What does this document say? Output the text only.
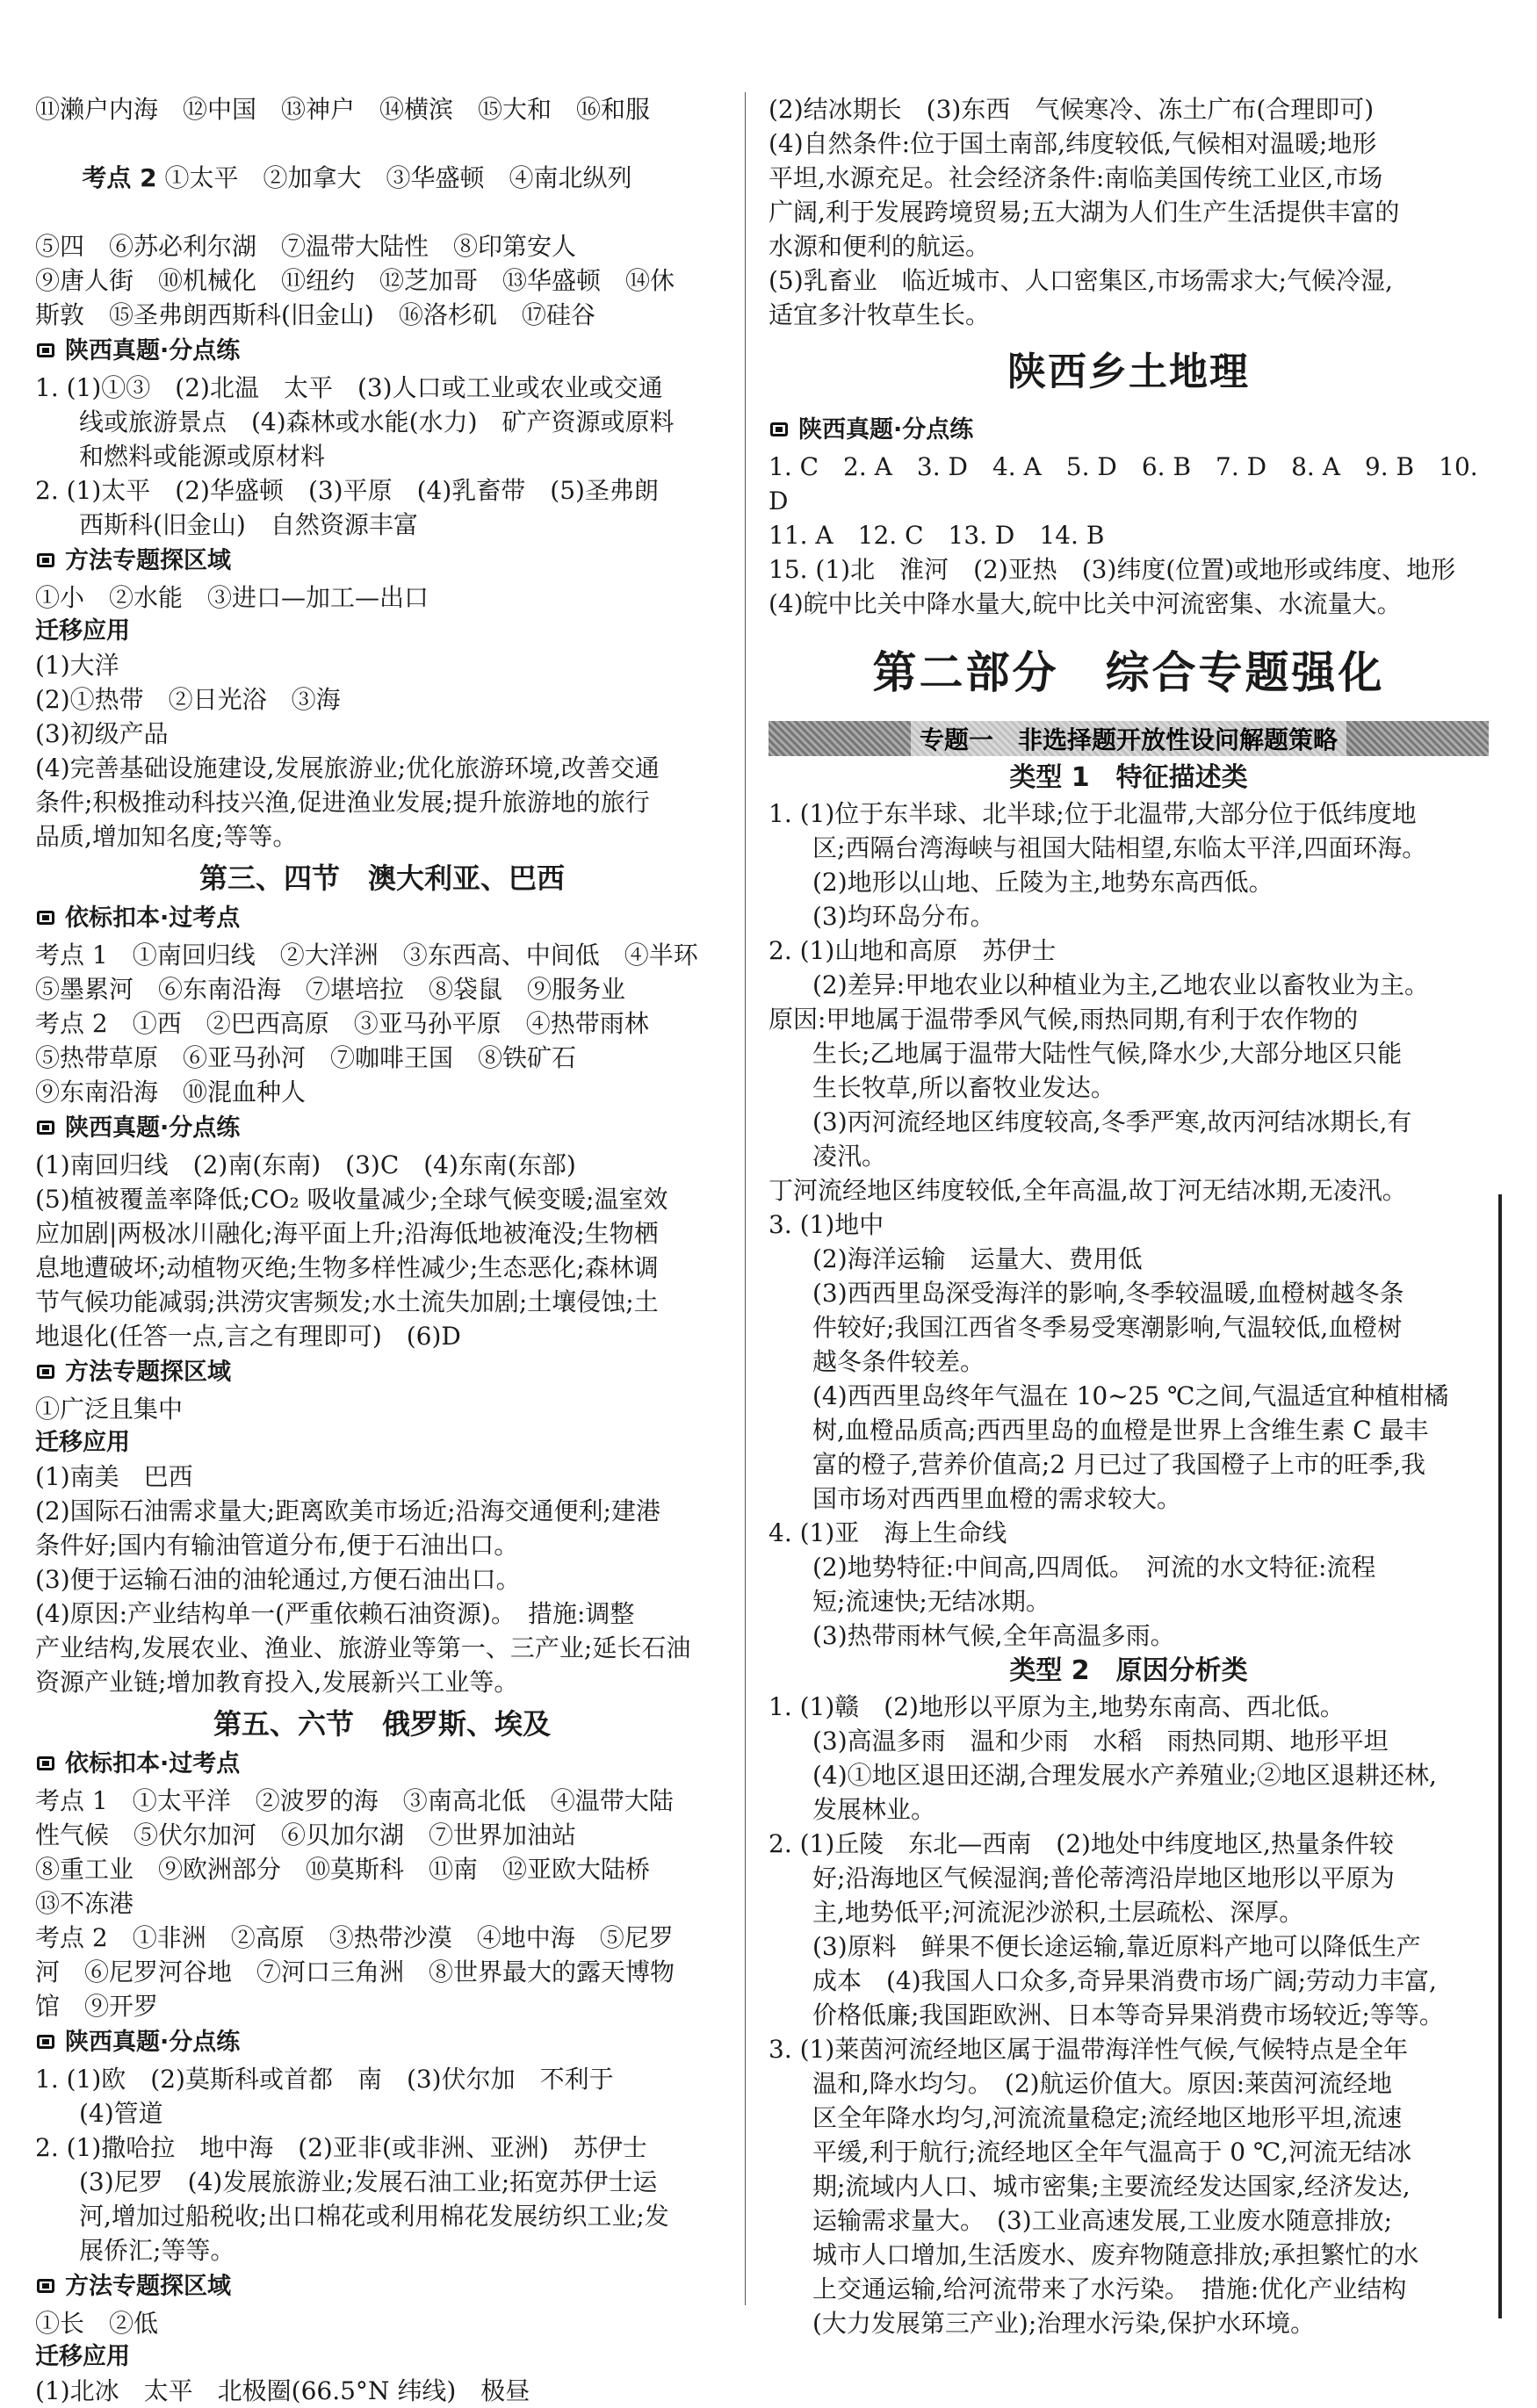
⑪濑户内海　⑫中国　⑬神户　⑭横滨　⑮大和　⑯和服

考点 2 ①太平　②加拿大　③华盛顿　④南北纵列

⑤四　⑥苏必利尔湖　⑦温带大陆性　⑧印第安人
⑨唐人街　⑩机械化　⑪纽约　⑫芝加哥　⑬华盛顿　⑭休
斯敦　⑮圣弗朗西斯科(旧金山)　⑯洛杉矶　⑰硅谷
陕西真题·分点练
1. (1)①③　(2)北温　太平　(3)人口或工业或农业或交通
线或旅游景点　(4)森林或水能(水力)　矿产资源或原料
和燃料或能源或原材料
2. (1)太平　(2)华盛顿　(3)平原　(4)乳畜带　(5)圣弗朗
西斯科(旧金山)　自然资源丰富
方法专题探区域
①小　②水能　③进口—加工—出口
迁移应用
(1)大洋
(2)①热带　②日光浴　③海
(3)初级产品
(4)完善基础设施建设,发展旅游业;优化旅游环境,改善交通
条件;积极推动科技兴渔,促进渔业发展;提升旅游地的旅行
品质,增加知名度;等等。
第三、四节　澳大利亚、巴西
依标扣本·过考点
考点 1　①南回归线　②大洋洲　③东西高、中间低　④半环
⑤墨累河　⑥东南沿海　⑦堪培拉　⑧袋鼠　⑨服务业
考点 2　①西　②巴西高原　③亚马孙平原　④热带雨林
⑤热带草原　⑥亚马孙河　⑦咖啡王国　⑧铁矿石
⑨东南沿海　⑩混血种人
陕西真题·分点练
(1)南回归线　(2)南(东南)　(3)C　(4)东南(东部)
(5)植被覆盖率降低;CO₂ 吸收量减少;全球气候变暖;温室效
应加剧|两极冰川融化;海平面上升;沿海低地被淹没;生物栖
息地遭破坏;动植物灭绝;生物多样性减少;生态恶化;森林调
节气候功能减弱;洪涝灾害频发;水土流失加剧;土壤侵蚀;土
地退化(任答一点,言之有理即可)　(6)D
方法专题探区域
①广泛且集中
迁移应用
(1)南美　巴西
(2)国际石油需求量大;距离欧美市场近;沿海交通便利;建港
条件好;国内有输油管道分布,便于石油出口。
(3)便于运输石油的油轮通过,方便石油出口。
(4)原因:产业结构单一(严重依赖石油资源)。　措施:调整
产业结构,发展农业、渔业、旅游业等第一、三产业;延长石油
资源产业链;增加教育投入,发展新兴工业等。
第五、六节　俄罗斯、埃及
依标扣本·过考点
考点 1　①太平洋　②波罗的海　③南高北低　④温带大陆
性气候　⑤伏尔加河　⑥贝加尔湖　⑦世界加油站
⑧重工业　⑨欧洲部分　⑩莫斯科　⑪南　⑫亚欧大陆桥
⑬不冻港
考点 2　①非洲　②高原　③热带沙漠　④地中海　⑤尼罗
河　⑥尼罗河谷地　⑦河口三角洲　⑧世界最大的露天博物
馆　⑨开罗
陕西真题·分点练
1. (1)欧　(2)莫斯科或首都　南　(3)伏尔加　不利于
(4)管道
2. (1)撒哈拉　地中海　(2)亚非(或非洲、亚洲)　苏伊士
(3)尼罗　(4)发展旅游业;发展石油工业;拓宽苏伊士运
河,增加过船税收;出口棉花或利用棉花发展纺织工业;发
展侨汇;等等。
方法专题探区域
①长　②低
迁移应用
(1)北冰　太平　北极圈(66.5°N 纬线)　极昼
(2)结冰期长　(3)东西　气候寒冷、冻土广布(合理即可)
(4)自然条件:位于国土南部,纬度较低,气候相对温暖;地形
平坦,水源充足。社会经济条件:南临美国传统工业区,市场
广阔,利于发展跨境贸易;五大湖为人们生产生活提供丰富的
水源和便利的航运。
(5)乳畜业　临近城市、人口密集区,市场需求大;气候冷湿,
适宜多汁牧草生长。
陕西乡土地理
陕西真题·分点练
1. C　2. A　3. D　4. A　5. D　6. B　7. D　8. A　9. B　10. D
11. A　12. C　13. D　14. B
15. (1)北　淮河　(2)亚热　(3)纬度(位置)或地形或纬度、地形
(4)皖中比关中降水量大,皖中比关中河流密集、水流量大。
第二部分　综合专题强化
专题一　非选择题开放性设问解题策略
类型 1　特征描述类
1. (1)位于东半球、北半球;位于北温带,大部分位于低纬度地
区;西隔台湾海峡与祖国大陆相望,东临太平洋,四面环海。
(2)地形以山地、丘陵为主,地势东高西低。
(3)均环岛分布。
2. (1)山地和高原　苏伊士
(2)差异:甲地农业以种植业为主,乙地农业以畜牧业为主。
原因:甲地属于温带季风气候,雨热同期,有利于农作物的
生长;乙地属于温带大陆性气候,降水少,大部分地区只能
生长牧草,所以畜牧业发达。
(3)丙河流经地区纬度较高,冬季严寒,故丙河结冰期长,有
凌汛。
丁河流经地区纬度较低,全年高温,故丁河无结冰期,无凌汛。
3. (1)地中
(2)海洋运输　运量大、费用低
(3)西西里岛深受海洋的影响,冬季较温暖,血橙树越冬条
件较好;我国江西省冬季易受寒潮影响,气温较低,血橙树
越冬条件较差。
(4)西西里岛终年气温在 10~25 ℃之间,气温适宜种植柑橘
树,血橙品质高;西西里岛的血橙是世界上含维生素 C 最丰
富的橙子,营养价值高;2 月已过了我国橙子上市的旺季,我
国市场对西西里血橙的需求较大。
4. (1)亚　海上生命线
(2)地势特征:中间高,四周低。　河流的水文特征:流程
短;流速快;无结冰期。
(3)热带雨林气候,全年高温多雨。
类型 2　原因分析类
1. (1)赣　(2)地形以平原为主,地势东南高、西北低。
(3)高温多雨　温和少雨　水稻　雨热同期、地形平坦
(4)①地区退田还湖,合理发展水产养殖业;②地区退耕还林,
发展林业。
2. (1)丘陵　东北—西南　(2)地处中纬度地区,热量条件较
好;沿海地区气候湿润;普伦蒂湾沿岸地区地形以平原为
主,地势低平;河流泥沙淤积,土层疏松、深厚。
(3)原料　鲜果不便长途运输,靠近原料产地可以降低生产
成本　(4)我国人口众多,奇异果消费市场广阔;劳动力丰富,
价格低廉;我国距欧洲、日本等奇异果消费市场较近;等等。
3. (1)莱茵河流经地区属于温带海洋性气候,气候特点是全年
温和,降水均匀。　(2)航运价值大。原因:莱茵河流经地
区全年降水均匀,河流流量稳定;流经地区地形平坦,流速
平缓,利于航行;流经地区全年气温高于 0 ℃,河流无结冰
期;流域内人口、城市密集;主要流经发达国家,经济发达,
运输需求量大。　(3)工业高速发展,工业废水随意排放;
城市人口增加,生活废水、废弃物随意排放;承担繁忙的水
上交通运输,给河流带来了水污染。　措施:优化产业结构
(大力发展第三产业);治理水污染,保护水环境。
